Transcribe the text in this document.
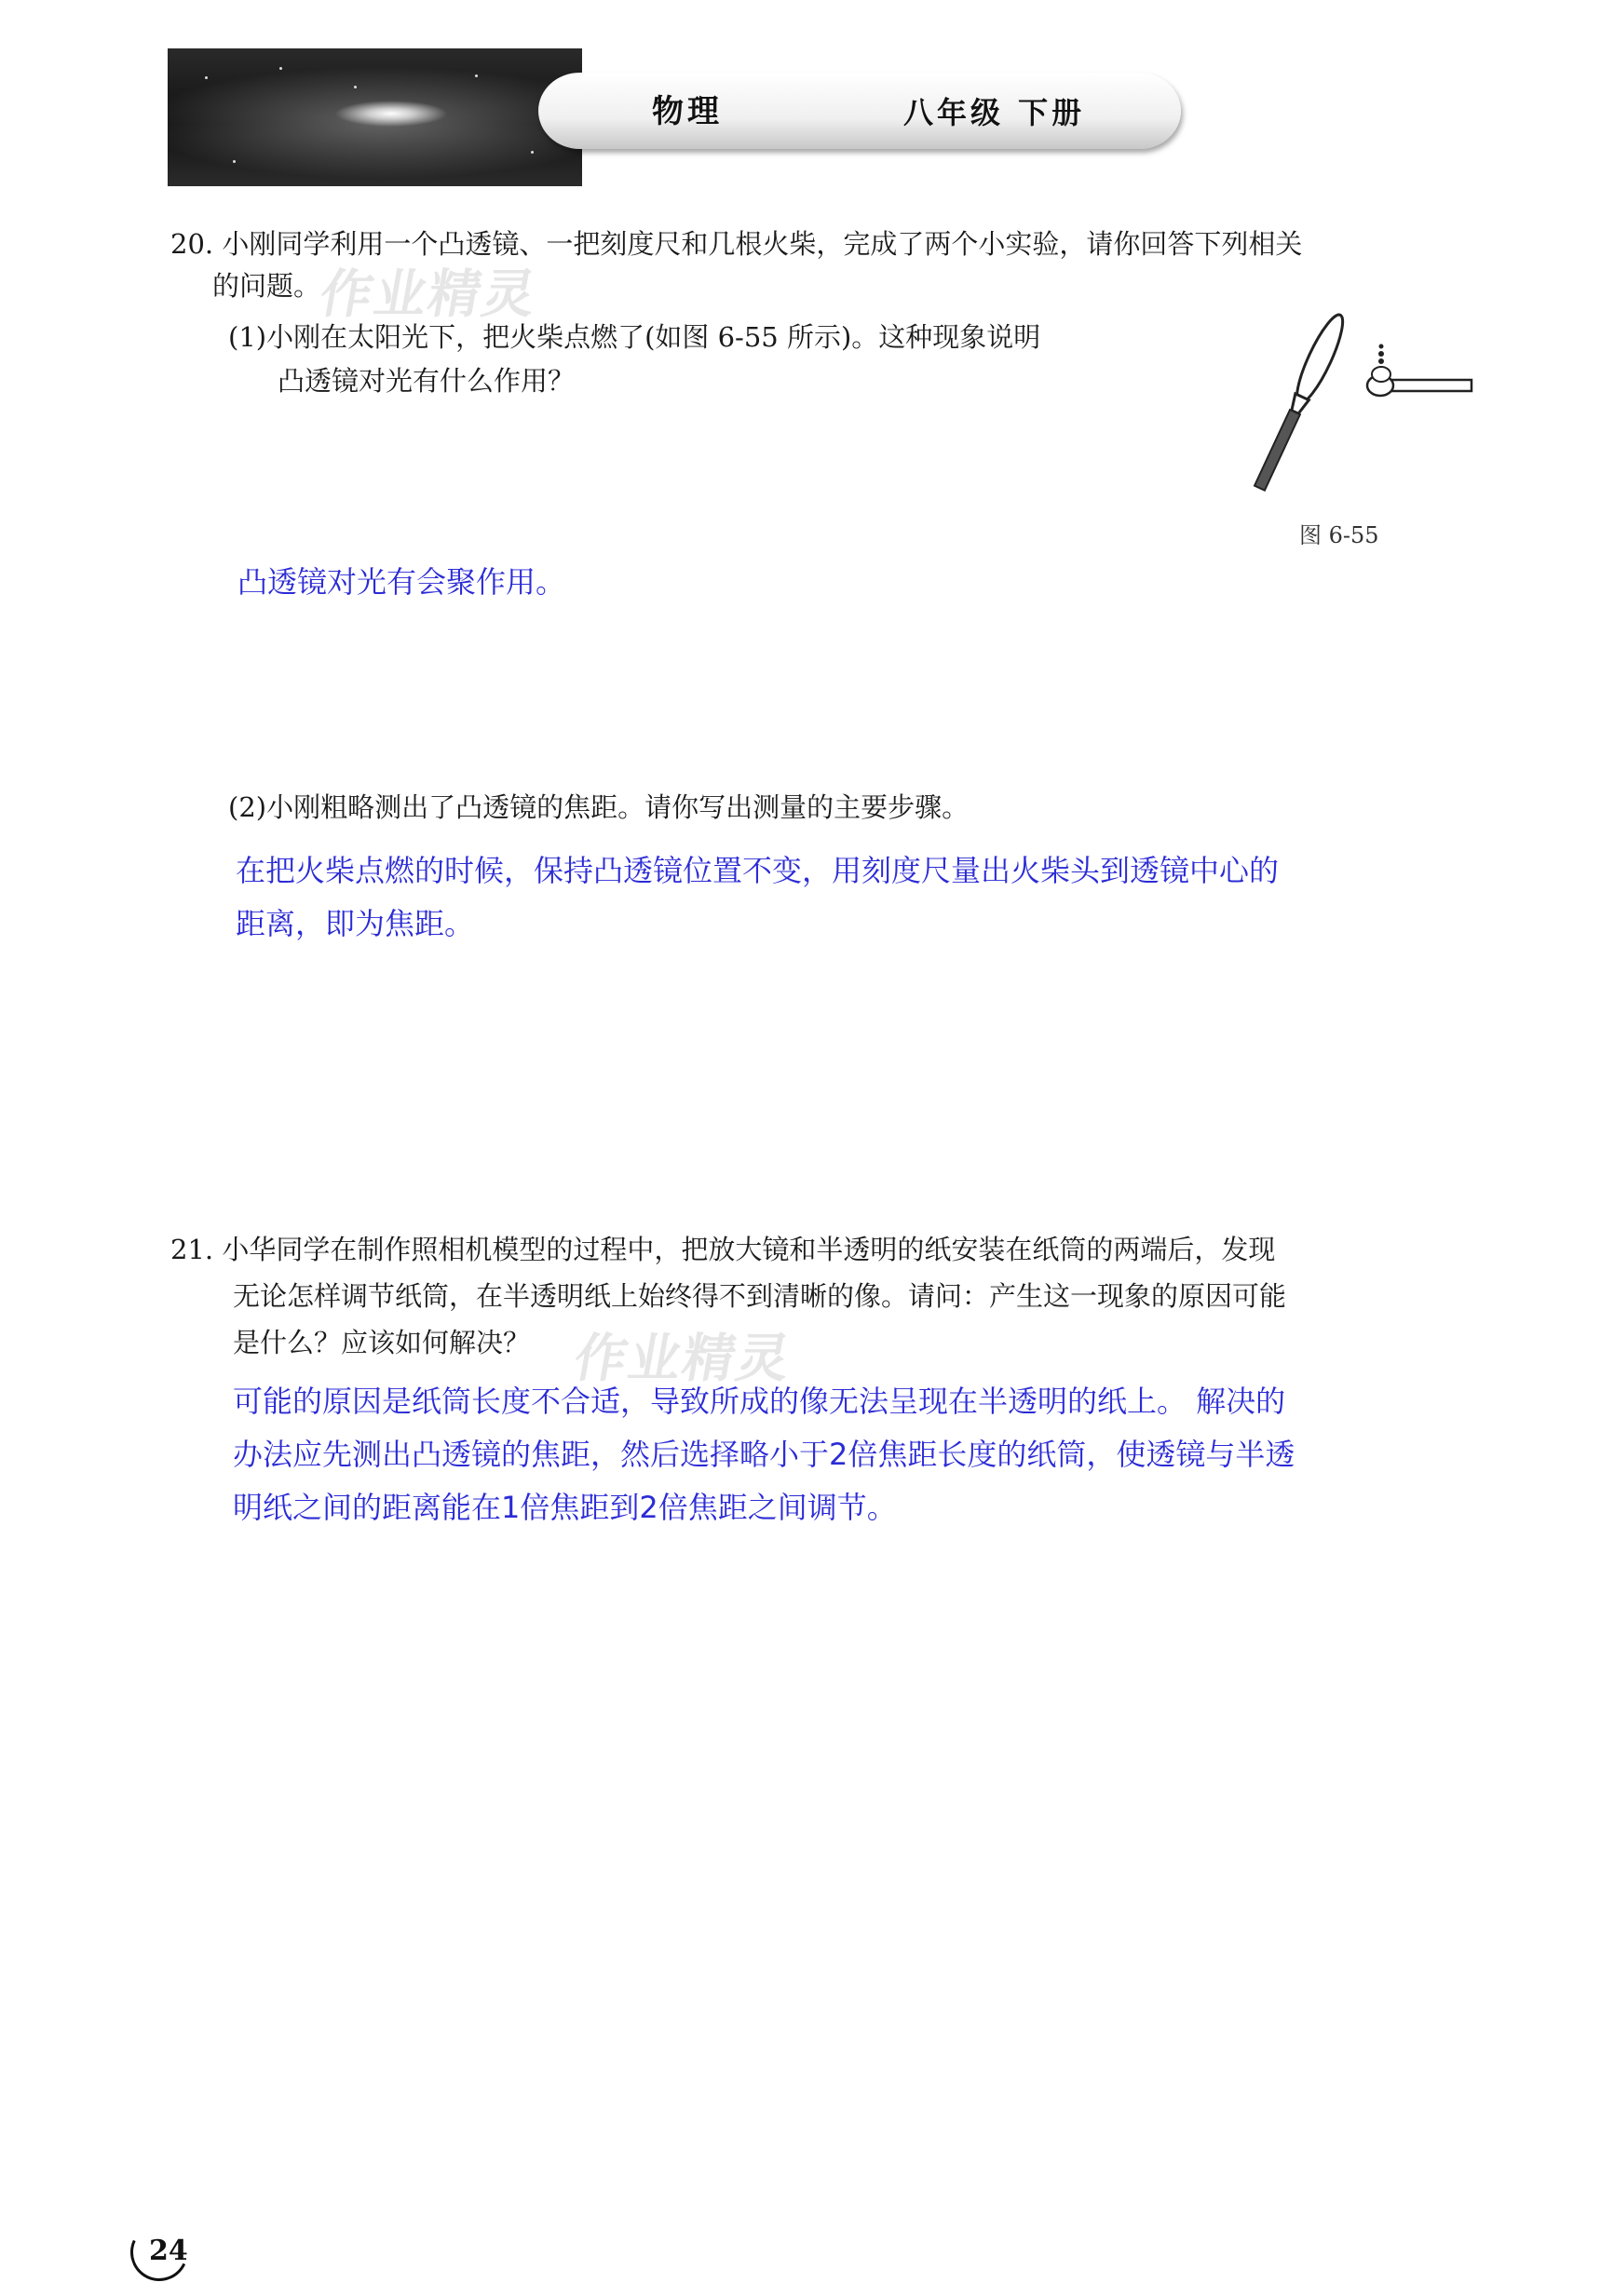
物理	八年级 下册
20. 小刚同学利用一个凸透镜、一把刻度尺和几根火柴，完成了两个小实验，请你回答下列相关
的问题。
作业精灵
(1)小刚在太阳光下，把火柴点燃了(如图 6-55 所示)。这种现象说明
凸透镜对光有什么作用？
图 6-55
凸透镜对光有会聚作用。
(2)小刚粗略测出了凸透镜的焦距。请你写出测量的主要步骤。
在把火柴点燃的时候，保持凸透镜位置不变，用刻度尺量出火柴头到透镜中心的
距离，即为焦距。
21. 小华同学在制作照相机模型的过程中，把放大镜和半透明的纸安装在纸筒的两端后，发现
无论怎样调节纸筒，在半透明纸上始终得不到清晰的像。请问：产生这一现象的原因可能
是什么？应该如何解决？ 作业精灵
可能的原因是纸筒长度不合适，导致所成的像无法呈现在半透明的纸上。 解决的
办法应先测出凸透镜的焦距，然后选择略小于2倍焦距长度的纸筒，使透镜与半透
明纸之间的距离能在1倍焦距到2倍焦距之间调节。
24
